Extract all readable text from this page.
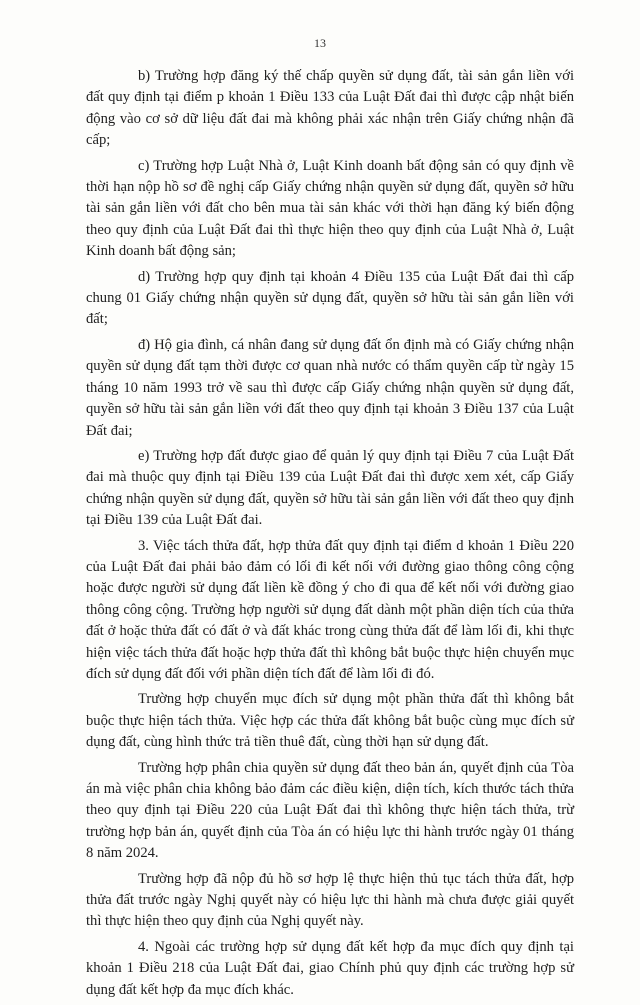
13

b) Trường hợp đăng ký thế chấp quyền sử dụng đất, tài sản gắn liền với đất quy định tại điểm p khoản 1 Điều 133 của Luật Đất đai thì được cập nhật biến động vào cơ sở dữ liệu đất đai mà không phải xác nhận trên Giấy chứng nhận đã cấp;

c) Trường hợp Luật Nhà ở, Luật Kinh doanh bất động sản có quy định về thời hạn nộp hồ sơ đề nghị cấp Giấy chứng nhận quyền sử dụng đất, quyền sở hữu tài sản gắn liền với đất cho bên mua tài sản khác với thời hạn đăng ký biến động theo quy định của Luật Đất đai thì thực hiện theo quy định của Luật Nhà ở, Luật Kinh doanh bất động sản;

d) Trường hợp quy định tại khoản 4 Điều 135 của Luật Đất đai thì cấp chung 01 Giấy chứng nhận quyền sử dụng đất, quyền sở hữu tài sản gắn liền với đất;

đ) Hộ gia đình, cá nhân đang sử dụng đất ổn định mà có Giấy chứng nhận quyền sử dụng đất tạm thời được cơ quan nhà nước có thẩm quyền cấp từ ngày 15 tháng 10 năm 1993 trở về sau thì được cấp Giấy chứng nhận quyền sử dụng đất, quyền sở hữu tài sản gắn liền với đất theo quy định tại khoản 3 Điều 137 của Luật Đất đai;

e) Trường hợp đất được giao để quản lý quy định tại Điều 7 của Luật Đất đai mà thuộc quy định tại Điều 139 của Luật Đất đai thì được xem xét, cấp Giấy chứng nhận quyền sử dụng đất, quyền sở hữu tài sản gắn liền với đất theo quy định tại Điều 139 của Luật Đất đai.

3. Việc tách thửa đất, hợp thửa đất quy định tại điểm d khoản 1 Điều 220 của Luật Đất đai phải bảo đảm có lối đi kết nối với đường giao thông công cộng hoặc được người sử dụng đất liền kề đồng ý cho đi qua để kết nối với đường giao thông công cộng. Trường hợp người sử dụng đất dành một phần diện tích của thửa đất ở hoặc thửa đất có đất ở và đất khác trong cùng thửa đất để làm lối đi, khi thực hiện việc tách thửa đất hoặc hợp thửa đất thì không bắt buộc thực hiện chuyển mục đích sử dụng đất đối với phần diện tích đất để làm lối đi đó.

Trường hợp chuyển mục đích sử dụng một phần thửa đất thì không bắt buộc thực hiện tách thửa. Việc hợp các thửa đất không bắt buộc cùng mục đích sử dụng đất, cùng hình thức trả tiền thuê đất, cùng thời hạn sử dụng đất.

Trường hợp phân chia quyền sử dụng đất theo bản án, quyết định của Tòa án mà việc phân chia không bảo đảm các điều kiện, diện tích, kích thước tách thửa theo quy định tại Điều 220 của Luật Đất đai thì không thực hiện tách thửa, trừ trường hợp bản án, quyết định của Tòa án có hiệu lực thi hành trước ngày 01 tháng 8 năm 2024.

Trường hợp đã nộp đủ hồ sơ hợp lệ thực hiện thủ tục tách thửa đất, hợp thửa đất trước ngày Nghị quyết này có hiệu lực thi hành mà chưa được giải quyết thì thực hiện theo quy định của Nghị quyết này.

4. Ngoài các trường hợp sử dụng đất kết hợp đa mục đích quy định tại khoản 1 Điều 218 của Luật Đất đai, giao Chính phủ quy định các trường hợp sử dụng đất kết hợp đa mục đích khác.
